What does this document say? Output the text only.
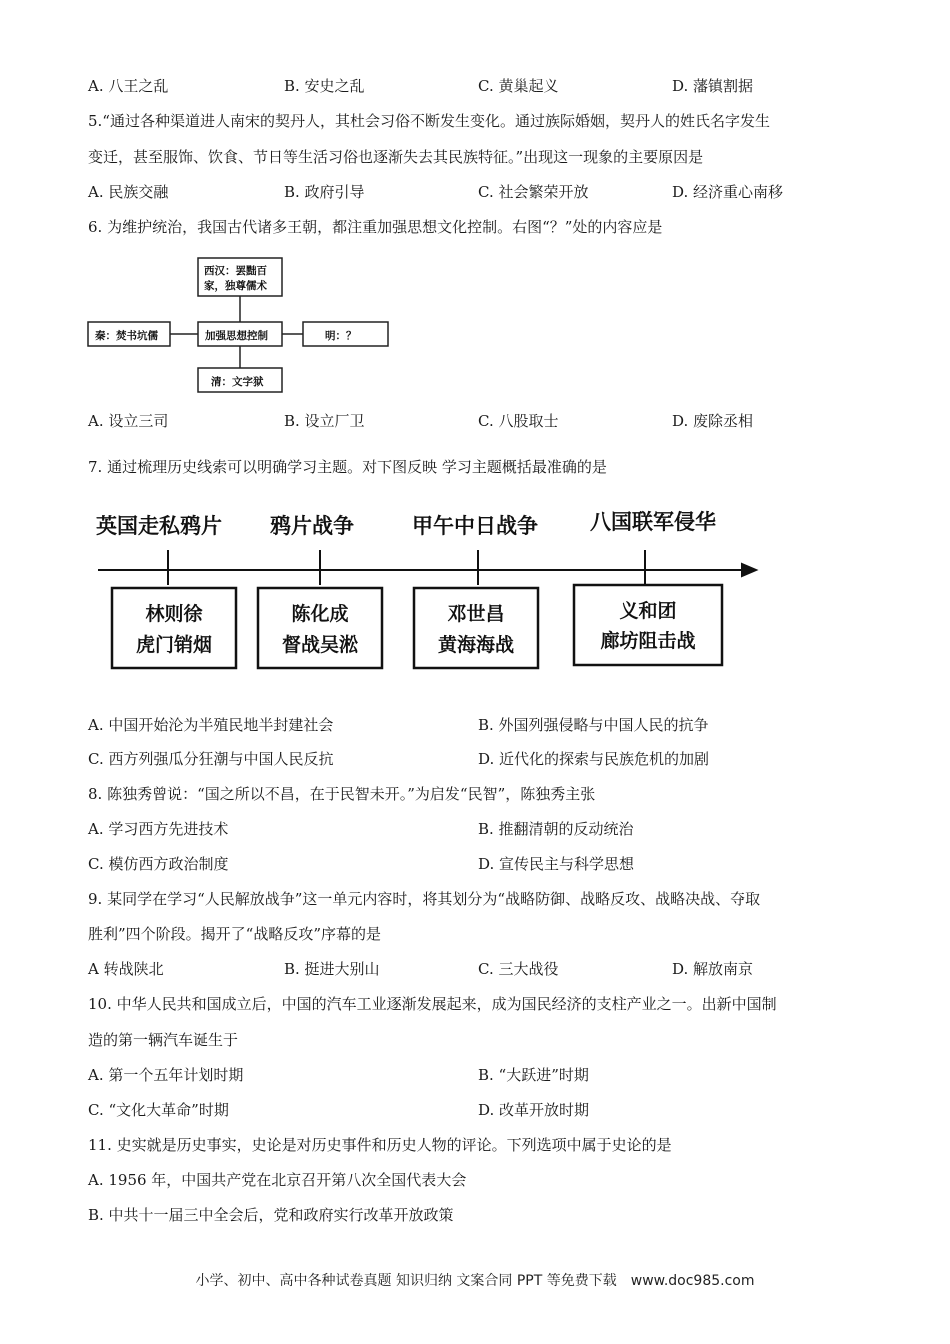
A. 八王之乱	B. 安史之乱	C. 黄巢起义	D. 藩镇割据
5.“通过各种渠道进人南宋的契丹人，其杜会习俗不断发生变化。通过族际婚姻，契丹人的姓氏名字发生
变迁，甚至服饰、饮食、节日等生活习俗也逐渐失去其民族特征。”出现这一现象的主要原因是
A. 民族交融	B. 政府引导	C. 社会繁荣开放	D. 经济重心南移
6. 为维护统治，我国古代诸多王朝，都注重加强思想文化控制。右图“？”处的内容应是
西汉：罢黜百
家，独尊儒术
秦：焚书坑儒	加强思想控制	明：？
清：文字狱
A. 设立三司	B. 设立厂卫	C. 八股取士	D. 废除丞相
7. 通过梳理历史线索可以明确学习主题。对下图反映 学习主题概括最准确的是
英国走私鸦片 鸦片战争	甲午中日战争 八国联军侵华
林则徐
虎门销烟
陈化成
督战吴淞
邓世昌
黄海海战
义和团
廊坊阻击战
A. 中国开始沦为半殖民地半封建社会	B. 外国列强侵略与中国人民的抗争
C. 西方列强瓜分狂潮与中国人民反抗	D. 近代化的探索与民族危机的加剧
8. 陈独秀曾说：“国之所以不昌，在于民智未开。”为启发“民智”，陈独秀主张
A. 学习西方先进技术	B. 推翻清朝的反动统治
C. 模仿西方政治制度	D. 宣传民主与科学思想
9. 某同学在学习“人民解放战争”这一单元内容时，将其划分为“战略防御、战略反攻、战略决战、夺取
胜利”四个阶段。揭开了“战略反攻”序幕的是
A 转战陕北	B. 挺进大别山	C. 三大战役	D. 解放南京
10. 中华人民共和国成立后，中国的汽车工业逐渐发展起来，成为国民经济的支柱产业之一。出新中国制
造的第一辆汽车诞生于
A. 第一个五年计划时期	B. “大跃进”时期
C. “文化大革命”时期	D. 改革开放时期
11. 史实就是历史事实，史论是对历史事件和历史人物的评论。下列选项中属于史论的是
A. 1956 年，中国共产党在北京召开第八次全国代表大会
B. 中共十一届三中全会后，党和政府实行改革开放政策
小学、初中、高中各种试卷真题 知识归纳 文案合同 PPT 等免费下载 www.doc985.com
